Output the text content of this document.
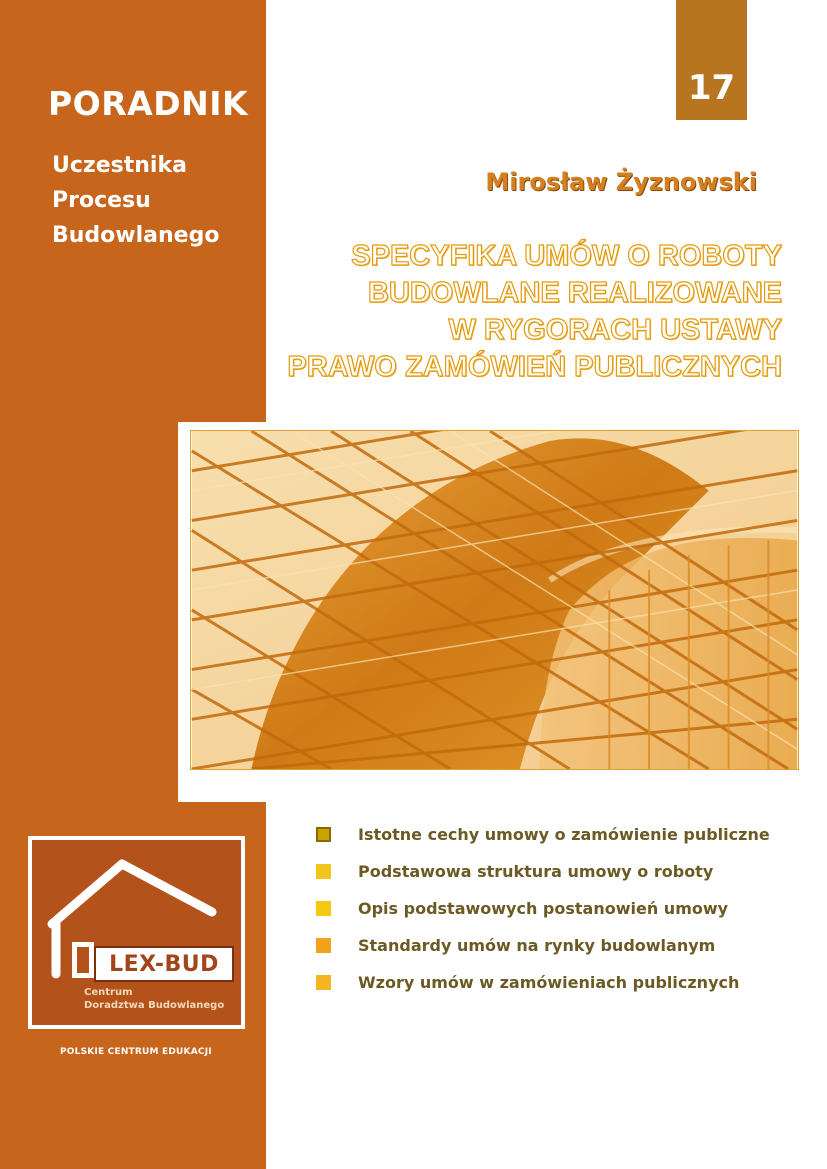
PORADNIK
Uczestnika
Procesu
Budowlanego
17
Mirosław Żyznowski
SPECYFIKA UMÓW O ROBOTY
BUDOWLANE REALIZOWANE
W RYGORACH USTAWY
PRAWO ZAMÓWIEŃ PUBLICZNYCH
Istotne cechy umowy o zamówienie publiczne
Podstawowa struktura umowy o roboty
Opis podstawowych postanowień umowy
Standardy umów na rynky budowlanym
Wzory umów w zamówieniach publicznych
LEX-BUD
Centrum
Doradztwa Budowlanego
POLSKIE CENTRUM EDUKACJI
